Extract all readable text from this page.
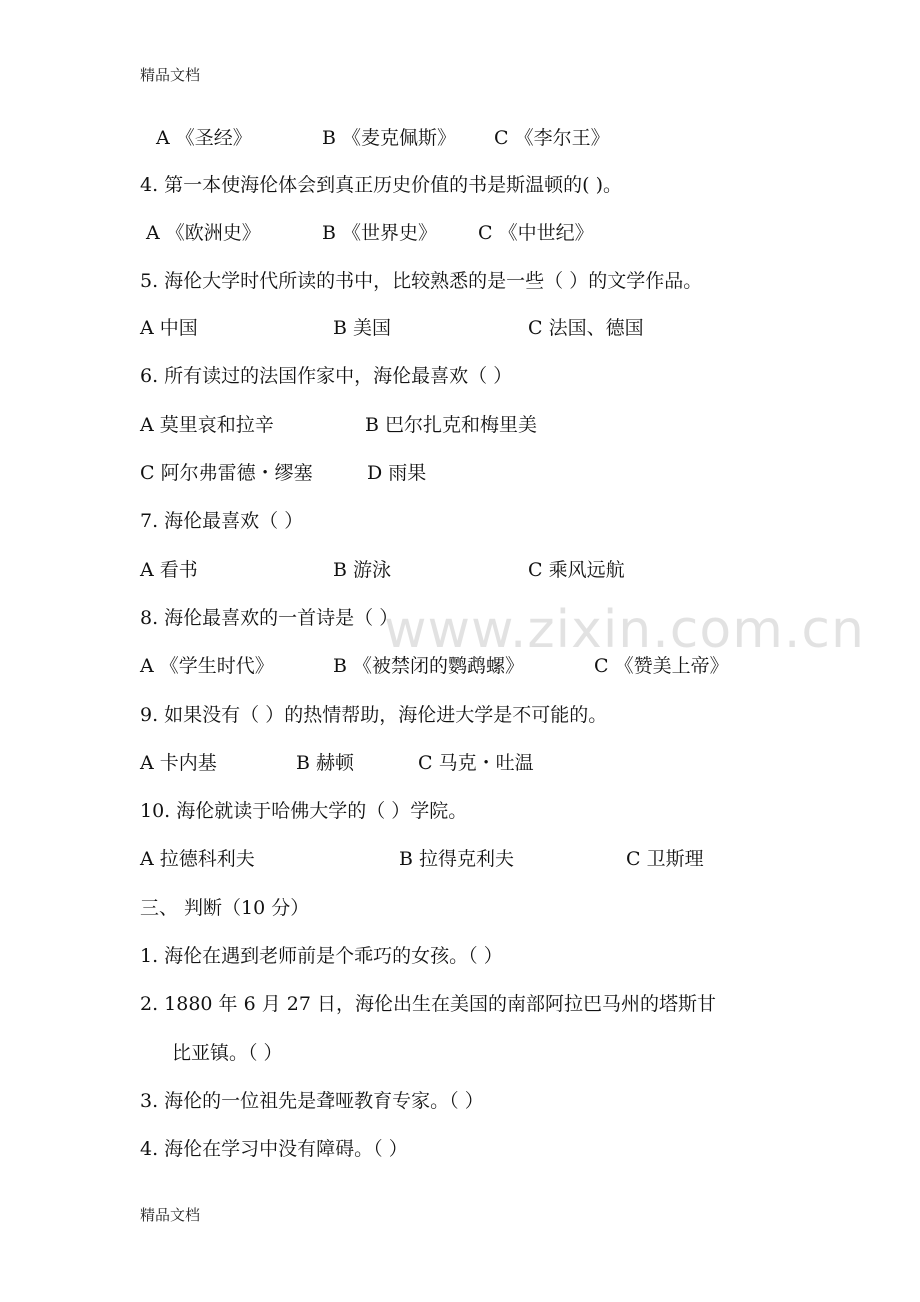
精品文档
A 《圣经》	B 《麦克佩斯》 C 《李尔王》
4. 第一本使海伦体会到真正历史价值的书是斯温顿的( )。
A 《欧洲史》	B 《世界史》 C 《中世纪》
5. 海伦大学时代所读的书中，比较熟悉的是一些（ ）的文学作品。
A 中国	B 美国	C 法国、德国
6. 所有读过的法国作家中，海伦最喜欢（ ）
A 莫里哀和拉辛	B 巴尔扎克和梅里美
C 阿尔弗雷德・缪塞	D 雨果
7. 海伦最喜欢（ ）
A 看书	B 游泳	C 乘风远航
8. 海伦最喜欢的一首诗是（ ）
A 《学生时代》	B 《被禁闭的鹦鹉螺》	C 《赞美上帝》
9. 如果没有（ ）的热情帮助，海伦进大学是不可能的。
A 卡内基	B 赫顿	C 马克・吐温
10. 海伦就读于哈佛大学的（ ）学院。
A 拉德科利夫	B 拉得克利夫	C 卫斯理
三、 判断（10 分）
1. 海伦在遇到老师前是个乖巧的女孩。（ ）
2. 1880 年 6 月 27 日，海伦出生在美国的南部阿拉巴马州的塔斯甘
比亚镇。（ ）
3. 海伦的一位祖先是聋哑教育专家。（ ）
4. 海伦在学习中没有障碍。（ ）
www.zixin.com.cn
精品文档
